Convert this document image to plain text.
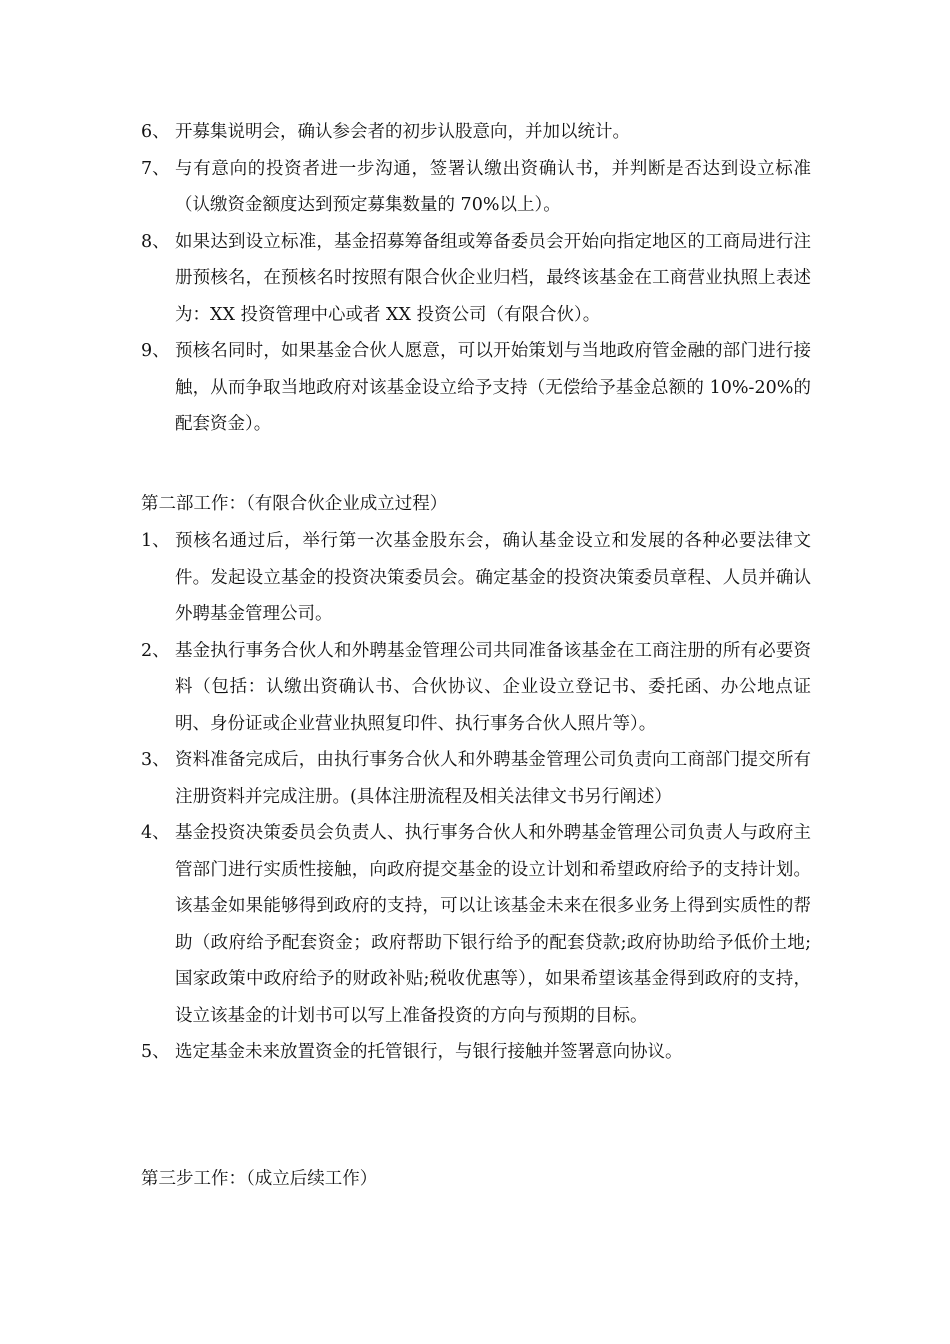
6、 开募集说明会，确认参会者的初步认股意向，并加以统计。
7、 与有意向的投资者进一步沟通，签署认缴出资确认书，并判断是否达到设立标准（认缴资金额度达到预定募集数量的 70%以上）。
8、 如果达到设立标准，基金招募筹备组或筹备委员会开始向指定地区的工商局进行注册预核名，在预核名时按照有限合伙企业归档，最终该基金在工商营业执照上表述为：XX 投资管理中心或者 XX 投资公司（有限合伙）。
9、 预核名同时，如果基金合伙人愿意，可以开始策划与当地政府管金融的部门进行接触，从而争取当地政府对该基金设立给予支持（无偿给予基金总额的 10%-20%的配套资金）。
第二部工作：（有限合伙企业成立过程）
1、 预核名通过后，举行第一次基金股东会，确认基金设立和发展的各种必要法律文件。发起设立基金的投资决策委员会。确定基金的投资决策委员章程、人员并确认外聘基金管理公司。
2、 基金执行事务合伙人和外聘基金管理公司共同准备该基金在工商注册的所有必要资料（包括：认缴出资确认书、合伙协议、企业设立登记书、委托函、办公地点证明、身份证或企业营业执照复印件、执行事务合伙人照片等）。
3、 资料准备完成后，由执行事务合伙人和外聘基金管理公司负责向工商部门提交所有注册资料并完成注册。(具体注册流程及相关法律文书另行阐述）
4、 基金投资决策委员会负责人、执行事务合伙人和外聘基金管理公司负责人与政府主管部门进行实质性接触，向政府提交基金的设立计划和希望政府给予的支持计划。该基金如果能够得到政府的支持，可以让该基金未来在很多业务上得到实质性的帮助（政府给予配套资金；政府帮助下银行给予的配套贷款;政府协助给予低价土地;国家政策中政府给予的财政补贴;税收优惠等），如果希望该基金得到政府的支持，设立该基金的计划书可以写上准备投资的方向与预期的目标。
5、 选定基金未来放置资金的托管银行，与银行接触并签署意向协议。
第三步工作：（成立后续工作）
